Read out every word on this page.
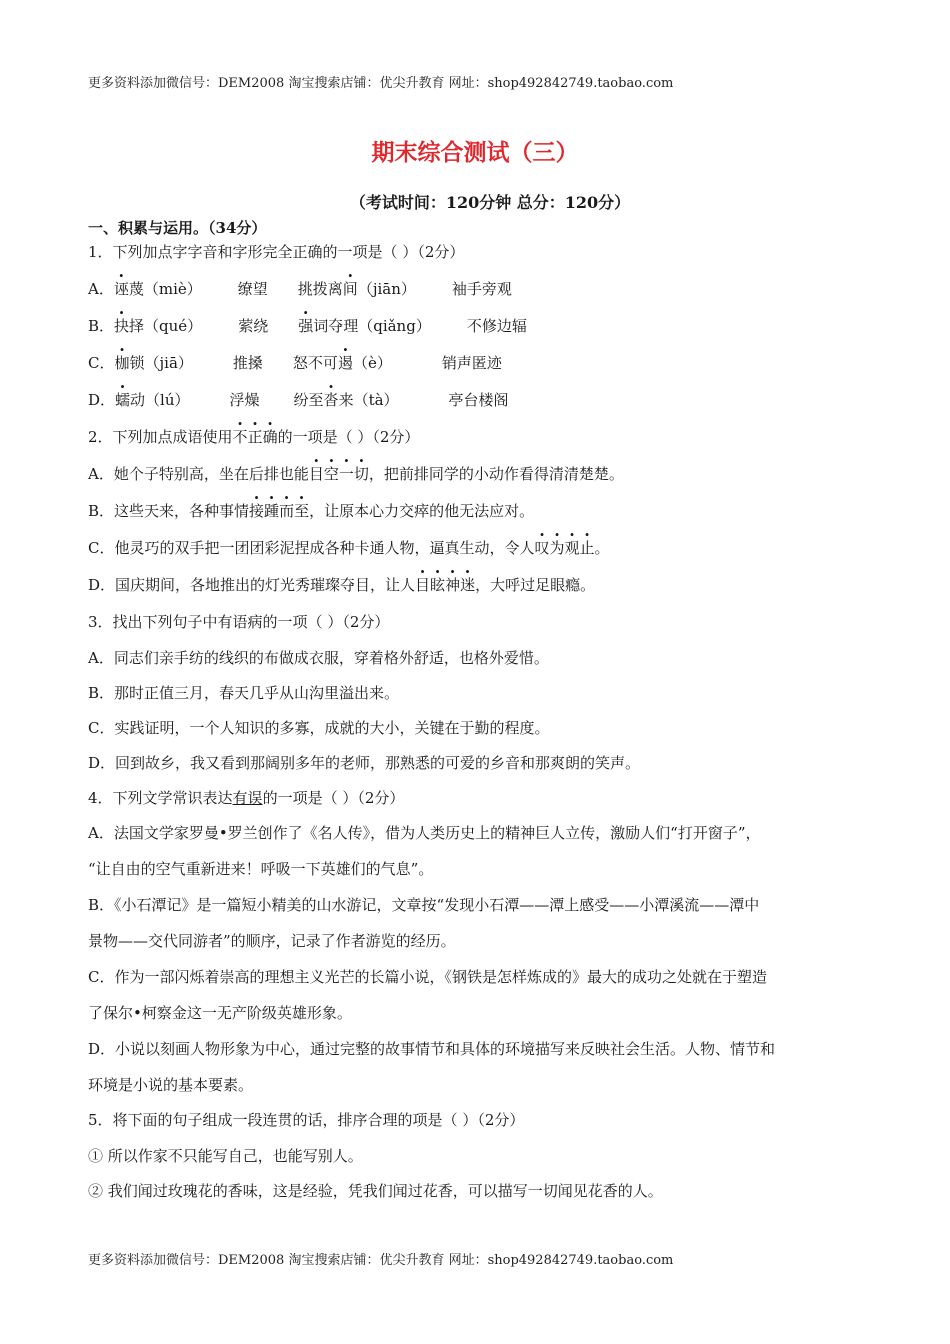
更多资料添加微信号：DEM2008 淘宝搜索店铺：优尖升教育 网址：shop492842749.taobao.com
期末综合测试（三）
（考试时间：120分钟 总分：120分）
一、积累与运用。（34分）
1．下列加点字字音和字形完全正确的一项是（ ）（2分）
A．诬蔑（miè） 缭望 挑拨离间（jiān） 袖手旁观
B．抉择（qué） 萦绕 强词夺理（qiǎng） 不修边辐
C．枷锁（jiā）	推搡 怒不可遏（è）	销声匿迹
D．蠕动（lú）	浮燥 纷至沓来（tà）	亭台楼阁
2．下列加点成语使用不正确的一项是（ ）（2分）
A．她个子特别高，坐在后排也能目空一切，把前排同学的小动作看得清清楚楚。
B．这些天来，各种事情接踵而至，让原本心力交瘁的他无法应对。
C．他灵巧的双手把一团团彩泥捏成各种卡通人物，逼真生动，令人叹为观止。
D．国庆期间，各地推出的灯光秀璀璨夺目，让人目眩神迷，大呼过足眼瘾。
3．找出下列句子中有语病的一项（ ）（2分）
A．同志们亲手纺的线织的布做成衣服，穿着格外舒适，也格外爱惜。
B．那时正值三月，春天几乎从山沟里溢出来。
C．实践证明，一个人知识的多寡，成就的大小，关键在于勤的程度。
D．回到故乡，我又看到那阔别多年的老师，那熟悉的可爱的乡音和那爽朗的笑声。
4．下列文学常识表达有误的一项是（ ）（2分）
A．法国文学家罗曼•罗兰创作了《名人传》，借为人类历史上的精神巨人立传，激励人们“打开窗子”，
“让自由的空气重新进来！呼吸一下英雄们的气息”。
B．《小石潭记》是一篇短小精美的山水游记，文章按“发现小石潭——潭上感受——小潭溪流——潭中
景物——交代同游者”的顺序，记录了作者游览的经历。
C．作为一部闪烁着崇高的理想主义光芒的长篇小说，《钢铁是怎样炼成的》最大的成功之处就在于塑造
了保尔•柯察金这一无产阶级英雄形象。
D．小说以刻画人物形象为中心，通过完整的故事情节和具体的环境描写来反映社会生活。人物、情节和
环境是小说的基本要素。
5．将下面的句子组成一段连贯的话，排序合理的项是（ ）（2分）
① 所以作家不只能写自己，也能写别人。
② 我们闻过玫瑰花的香味，这是经验，凭我们闻过花香，可以描写一切闻见花香的人。
更多资料添加微信号：DEM2008 淘宝搜索店铺：优尖升教育 网址：shop492842749.taobao.com
